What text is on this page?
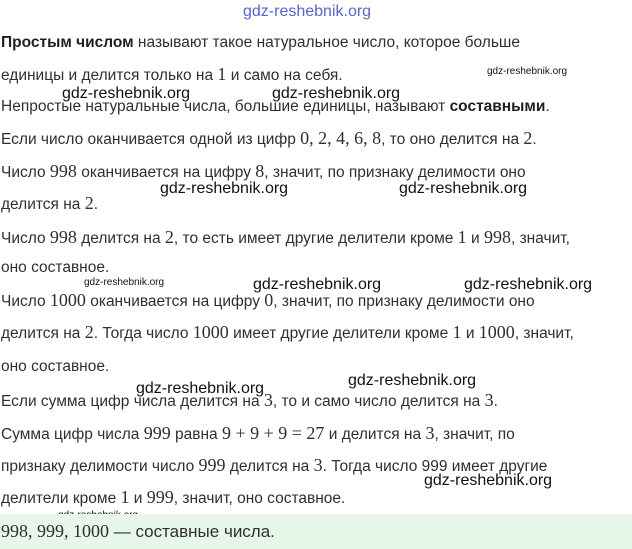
gdz-reshebnik.org
gdz-reshebnik.org
gdz-reshebnik.org	gdz-reshebnik.org
gdz-reshebnik.org	gdz-reshebnik.org
gdz-reshebnik.org	gdz-reshebnik.org	gdz-reshebnik.org
gdz-reshebnik.org	gdz-reshebnik.org
gdz-reshebnik.org
Простым числом называют такое натуральное число, которое больше
единицы и делится только на 1 и само на себя.
Непростые натуральные числа, большие единицы, называют составными.
Если число оканчивается одной из цифр 0, 2, 4, 6, 8, то оно делится на 2.
Число 998 оканчивается на цифру 8, значит, по признаку делимости оно
делится на 2.
Число 998 делится на 2, то есть имеет другие делители кроме 1 и 998, значит,
оно составное.
Число 1000 оканчивается на цифру 0, значит, по признаку делимости оно
делится на 2. Тогда число 1000 имеет другие делители кроме 1 и 1000, значит,
оно составное.
Если сумма цифр числа делится на 3, то и само число делится на 3.
Сумма цифр числа 999 равна 9 + 9 + 9 = 27 и делится на 3, значит, по
признаку делимости число 999 делится на 3. Тогда число 999 имеет другие
делители кроме 1 и 999, значит, оно составное.
998, 999, 1000 — составные числа.
